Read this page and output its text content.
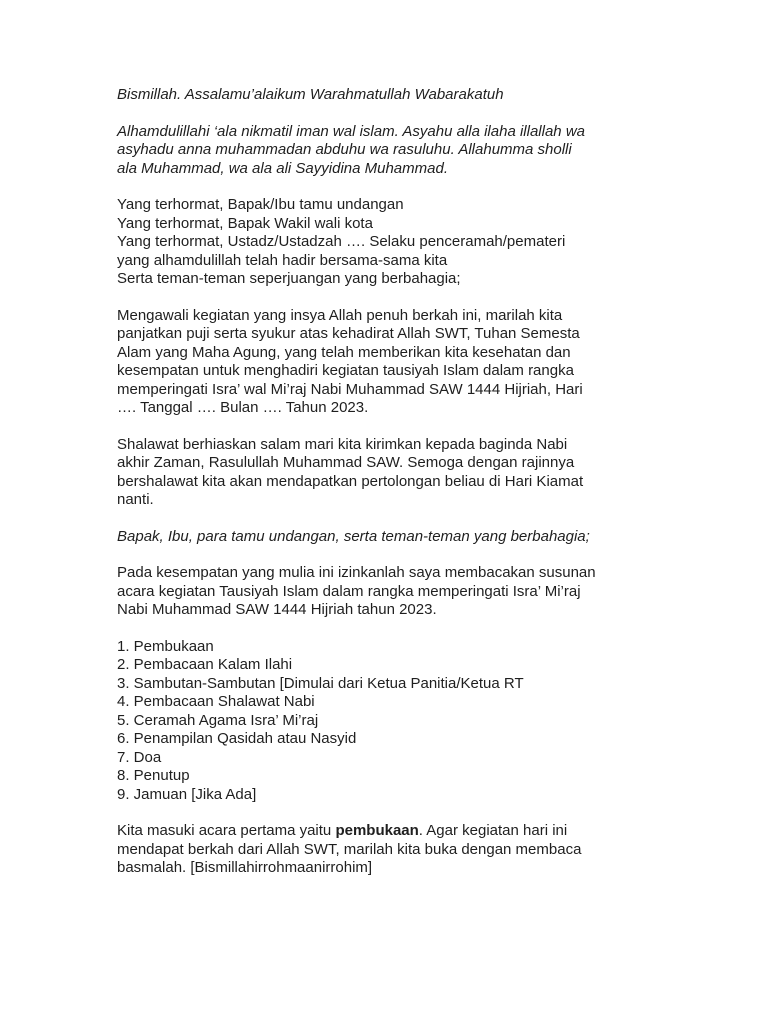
Bismillah. Assalamu’alaikum Warahmatullah Wabarakatuh

Alhamdulillahi ‘ala nikmatil iman wal islam. Asyahu alla ilaha illallah wa
asyhadu anna muhammadan abduhu wa rasuluhu. Allahumma sholli
ala Muhammad, wa ala ali Sayyidina Muhammad.

Yang terhormat, Bapak/Ibu tamu undangan
Yang terhormat, Bapak Wakil wali kota
Yang terhormat, Ustadz/Ustadzah …. Selaku penceramah/pemateri
yang alhamdulillah telah hadir bersama-sama kita
Serta teman-teman seperjuangan yang berbahagia;

Mengawali kegiatan yang insya Allah penuh berkah ini, marilah kita
panjatkan puji serta syukur atas kehadirat Allah SWT, Tuhan Semesta
Alam yang Maha Agung, yang telah memberikan kita kesehatan dan
kesempatan untuk menghadiri kegiatan tausiyah Islam dalam rangka
memperingati Isra’ wal Mi’raj Nabi Muhammad SAW 1444 Hijriah, Hari
…. Tanggal …. Bulan …. Tahun 2023.

Shalawat berhiaskan salam mari kita kirimkan kepada baginda Nabi
akhir Zaman, Rasulullah Muhammad SAW. Semoga dengan rajinnya
bershalawat kita akan mendapatkan pertolongan beliau di Hari Kiamat
nanti.

Bapak, Ibu, para tamu undangan, serta teman-teman yang berbahagia;

Pada kesempatan yang mulia ini izinkanlah saya membacakan susunan
acara kegiatan Tausiyah Islam dalam rangka memperingati Isra’ Mi’raj
Nabi Muhammad SAW 1444 Hijriah tahun 2023.

1. Pembukaan
2. Pembacaan Kalam Ilahi
3. Sambutan-Sambutan [Dimulai dari Ketua Panitia/Ketua RT
4. Pembacaan Shalawat Nabi
5. Ceramah Agama Isra’ Mi’raj
6. Penampilan Qasidah atau Nasyid
7. Doa
8. Penutup
9. Jamuan [Jika Ada]

Kita masuki acara pertama yaitu pembukaan. Agar kegiatan hari ini
mendapat berkah dari Allah SWT, marilah kita buka dengan membaca
basmalah. [Bismillahirrohmaanirrohim]
